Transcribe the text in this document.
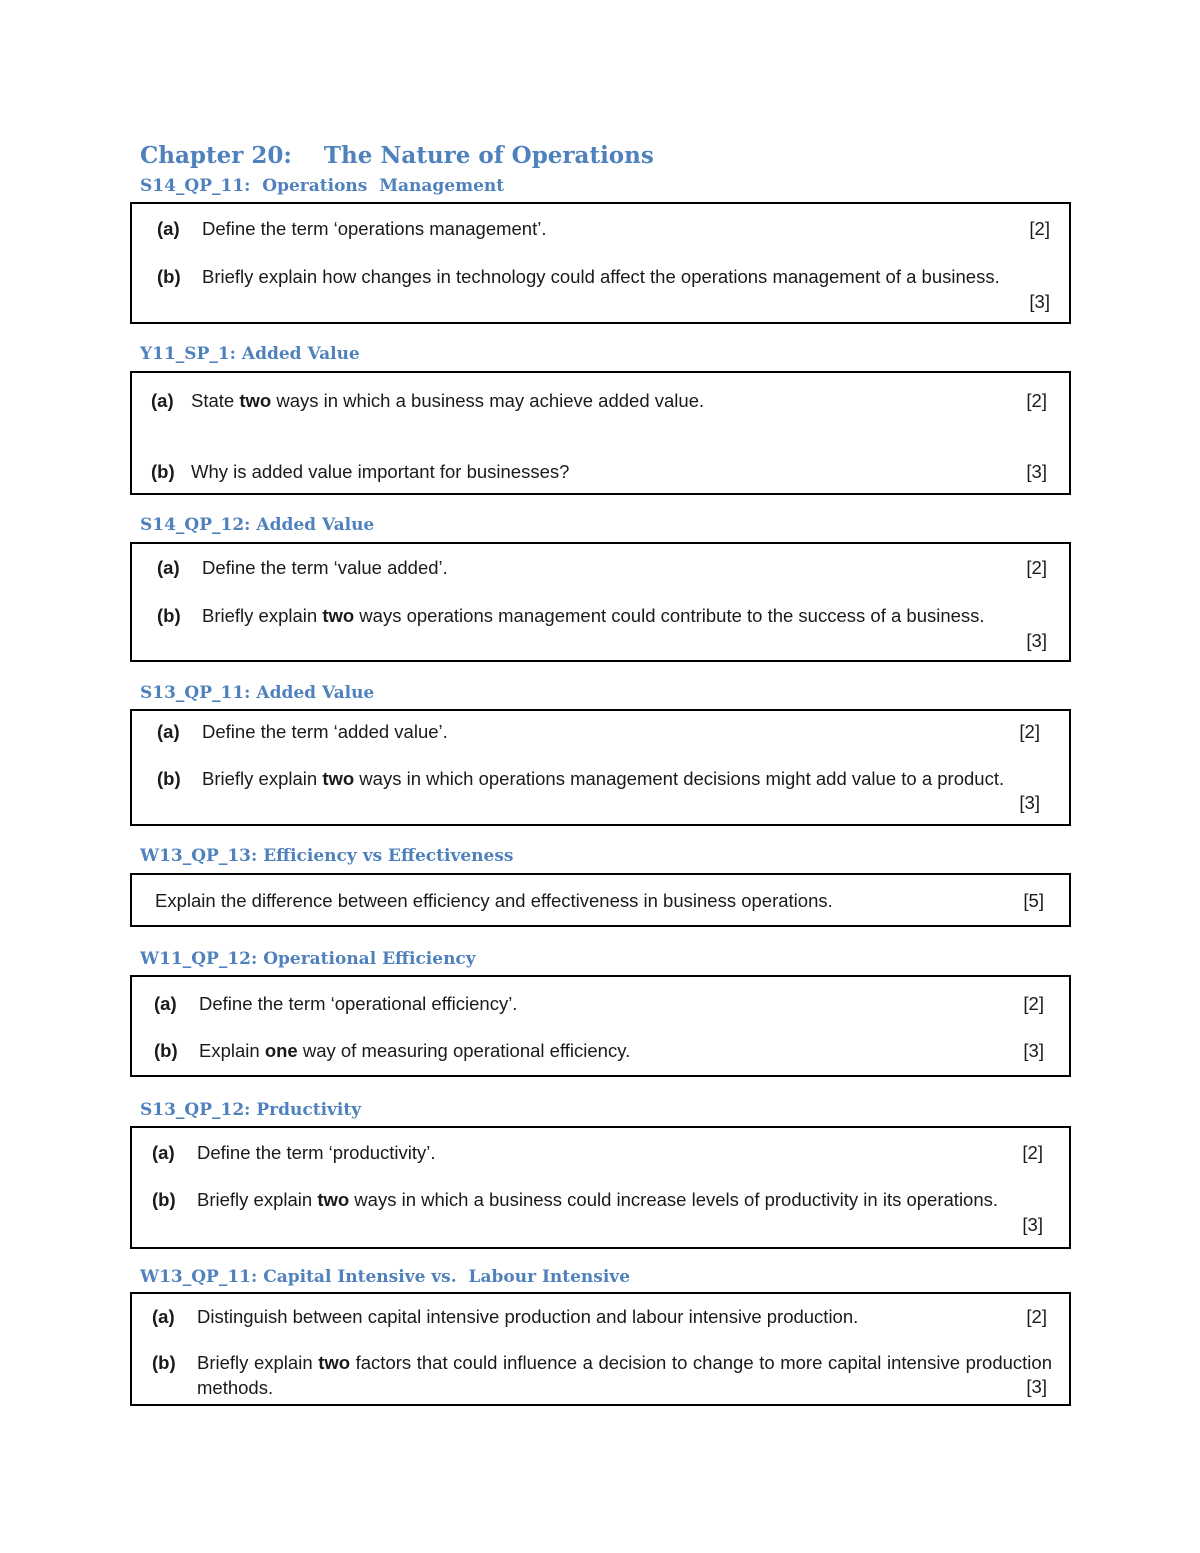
Chapter 20:    The Nature of Operations
S14_QP_11:  Operations  Management
(a) Define the term ‘operations management’.	[2]
(b) Briefly explain how changes in technology could affect the operations management of a business.
[3]
Y11_SP_1: Added Value
(a) State two ways in which a business may achieve added value.	[2]
(b) Why is added value important for businesses?	[3]
S14_QP_12: Added Value
(a) Define the term ‘value added’.	[2]
(b) Briefly explain two ways operations management could contribute to the success of a business.
[3]
S13_QP_11: Added Value
(a) Define the term ‘added value’.	[2]
(b) Briefly explain two ways in which operations management decisions might add value to a product.
[3]
W13_QP_13: Efficiency vs Effectiveness
Explain the difference between efficiency and effectiveness in business operations.	[5]
W11_QP_12: Operational Efficiency
(a) Define the term ‘operational efficiency’.	[2]
(b) Explain one way of measuring operational efficiency.	[3]
S13_QP_12: Prductivity
(a) Define the term ‘productivity’.	[2]
(b) Briefly explain two ways in which a business could increase levels of productivity in its operations.
[3]
W13_QP_11: Capital Intensive vs.  Labour Intensive
(a) Distinguish between capital intensive production and labour intensive production.	[2]
(b) Briefly explain two factors that could influence a decision to change to more capital intensive production methods.	[3]
